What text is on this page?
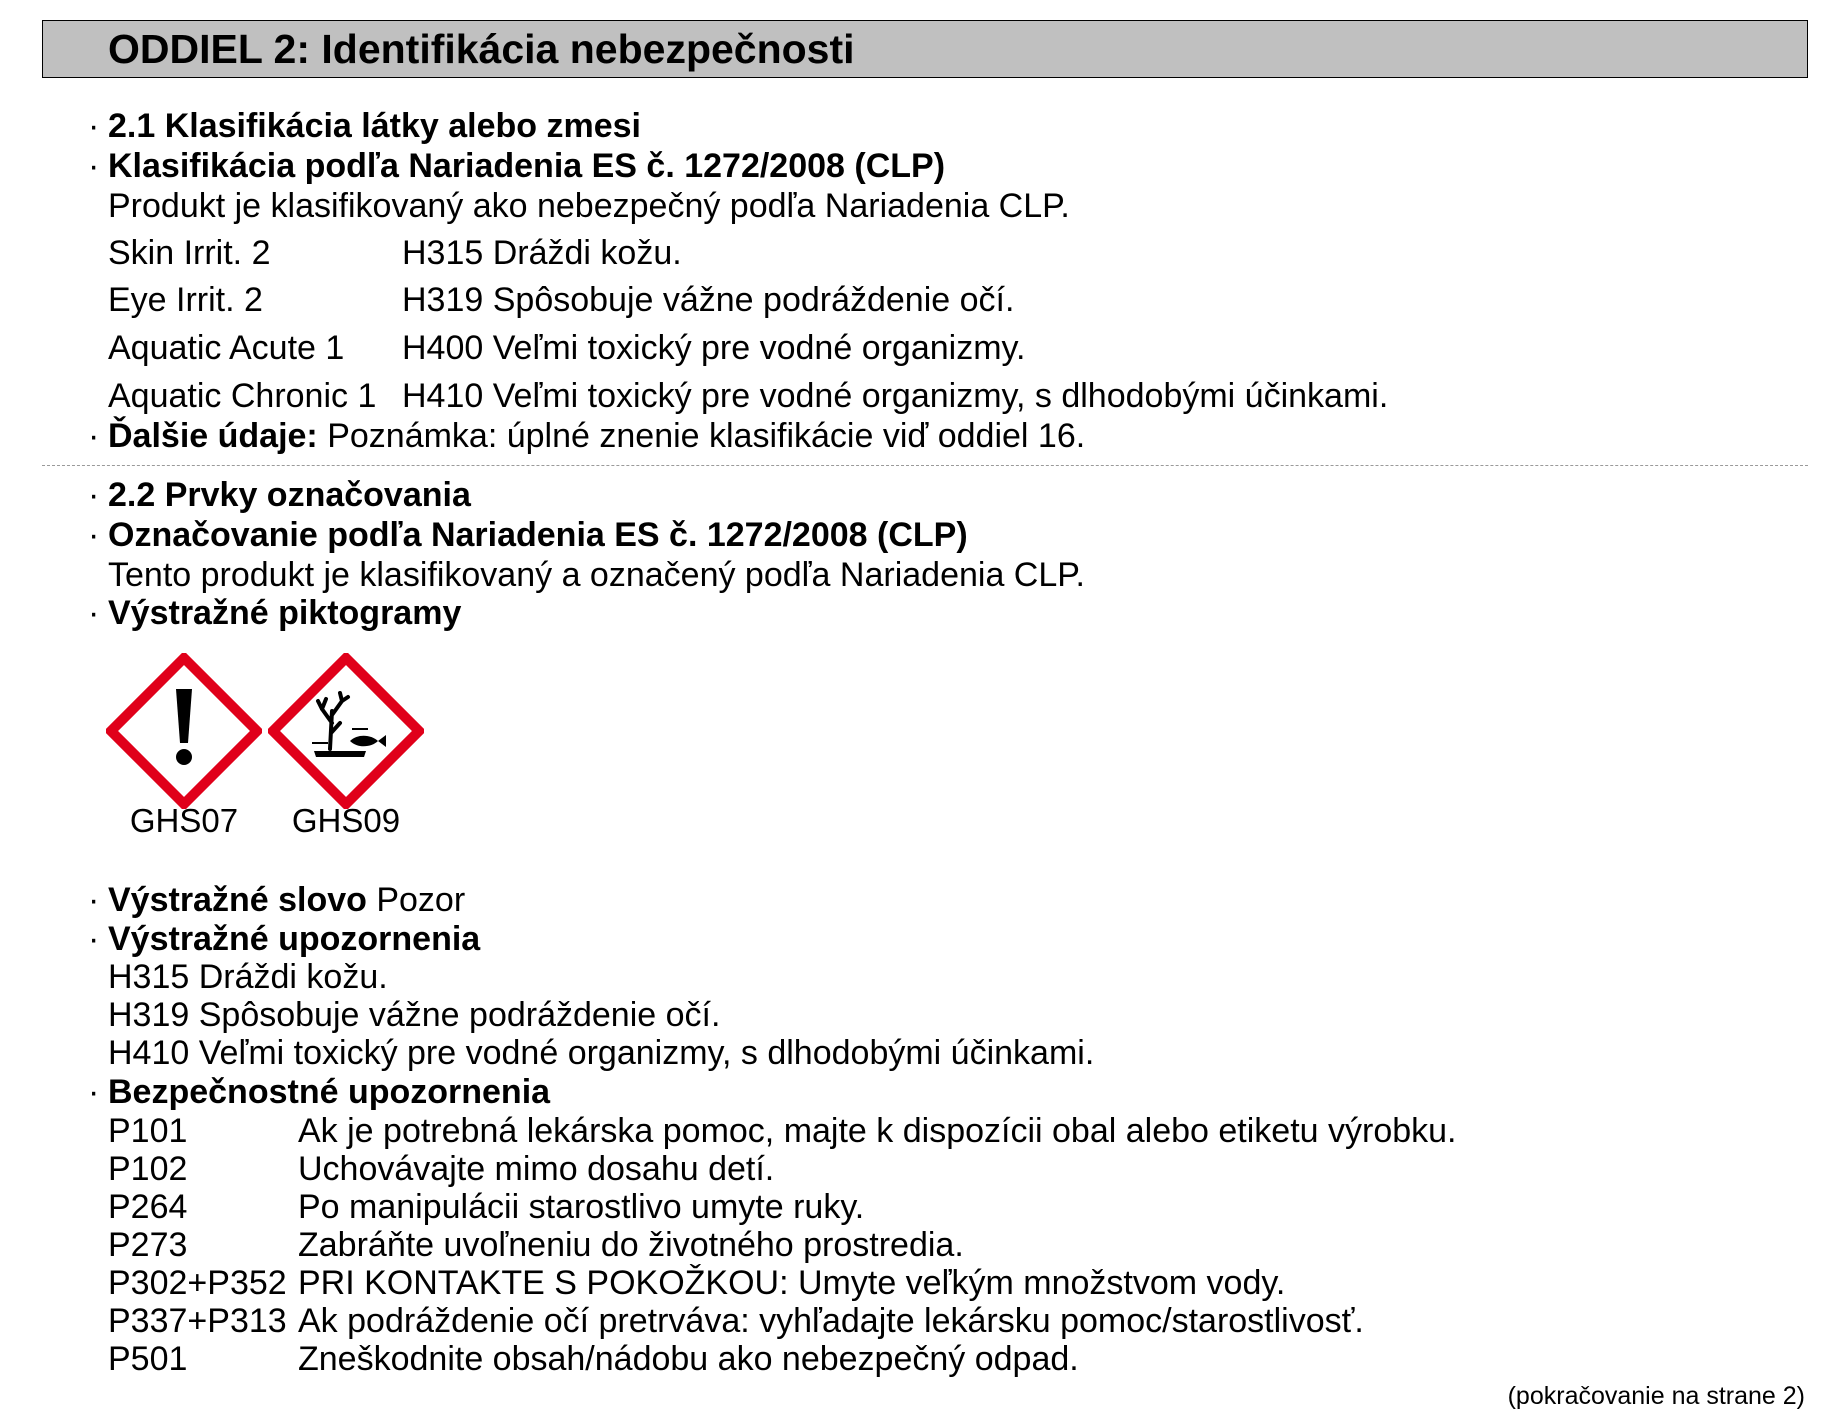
ODDIEL 2: Identifikácia nebezpečnosti
· 2.1 Klasifikácia látky alebo zmesi
· Klasifikácia podľa Nariadenia ES č. 1272/2008 (CLP)
Produkt je klasifikovaný ako nebezpečný podľa Nariadenia CLP.
Skin Irrit. 2	H315 Dráždi kožu.
Eye Irrit. 2	H319 Spôsobuje vážne podráždenie očí.
Aquatic Acute 1 H400 Veľmi toxický pre vodné organizmy.
Aquatic Chronic 1 H410 Veľmi toxický pre vodné organizmy, s dlhodobými účinkami.
· Ďalšie údaje: Poznámka: úplné znenie klasifikácie viď oddiel 16.
· 2.2 Prvky označovania
· Označovanie podľa Nariadenia ES č. 1272/2008 (CLP)
Tento produkt je klasifikovaný a označený podľa Nariadenia CLP.
· Výstražné piktogramy
GHS07	GHS09
· Výstražné slovo Pozor
· Výstražné upozornenia
H315 Dráždi kožu.
H319 Spôsobuje vážne podráždenie očí.
H410 Veľmi toxický pre vodné organizmy, s dlhodobými účinkami.
· Bezpečnostné upozornenia
P101	Ak je potrebná lekárska pomoc, majte k dispozícii obal alebo etiketu výrobku.
P102	Uchovávajte mimo dosahu detí.
P264	Po manipulácii starostlivo umyte ruky.
P273	Zabráňte uvoľneniu do životného prostredia.
P302+P352 PRI KONTAKTE S POKOŽKOU: Umyte veľkým množstvom vody.
P337+P313 Ak podráždenie očí pretrváva: vyhľadajte lekársku pomoc/starostlivosť.
P501	Zneškodnite obsah/nádobu ako nebezpečný odpad.
(pokračovanie na strane 2)
